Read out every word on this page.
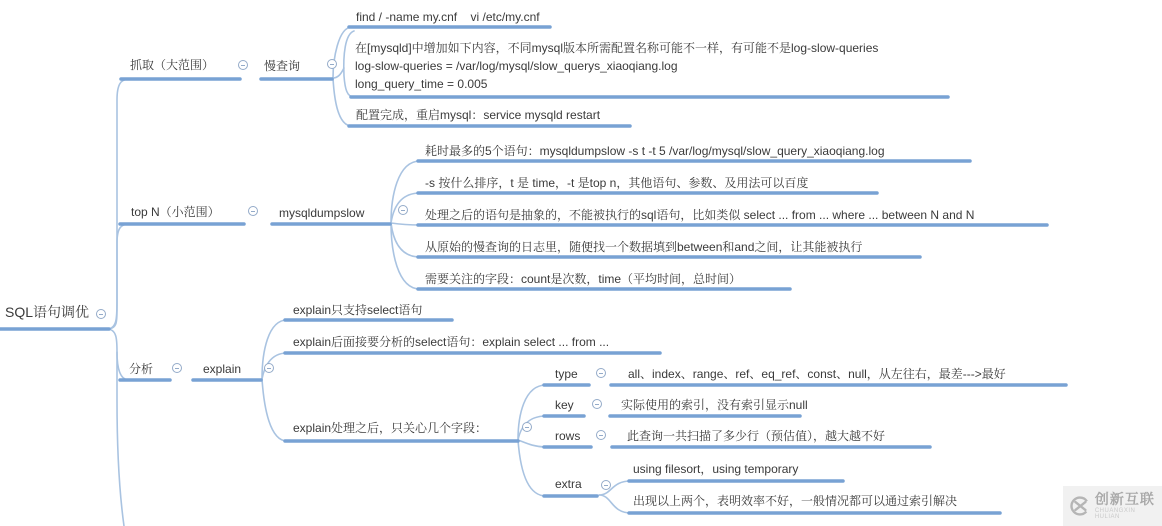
SQL语句调优
抓取（大范围）	慢查询
find / -name my.cnf    vi /etc/my.cnf
在[mysqld]中增加如下内容，不同mysql版本所需配置名称可能不一样，有可能不是log-slow-queries
log-slow-queries = /var/log/mysql/slow_querys_xiaoqiang.log
long_query_time = 0.005
配置完成，重启mysql：service mysqld restart
top N（小范围）	mysqldumpslow
耗时最多的5个语句：mysqldumpslow -s t -t 5 /var/log/mysql/slow_query_xiaoqiang.log
-s 按什么排序，t 是 time，-t 是top n，其他语句、参数、及用法可以百度
处理之后的语句是抽象的，不能被执行的sql语句，比如类似 select ... from ... where ... between N and N
从原始的慢查询的日志里，随便找一个数据填到between和and之间，让其能被执行
需要关注的字段：count是次数，time（平均时间，总时间）
分析	explain
explain只支持select语句
explain后面接要分析的select语句：explain select ... from ...
explain处理之后，只关心几个字段：
type	all、index、range、ref、eq_ref、const、null，从左往右，最差--->最好
key	实际使用的索引，没有索引显示null
rows	此查询一共扫描了多少行（预估值），越大越不好
extra
using filesort，using temporary
出现以上两个，表明效率不好，一般情况都可以通过索引解决	创新互联
CHUANGXIN HULIAN
